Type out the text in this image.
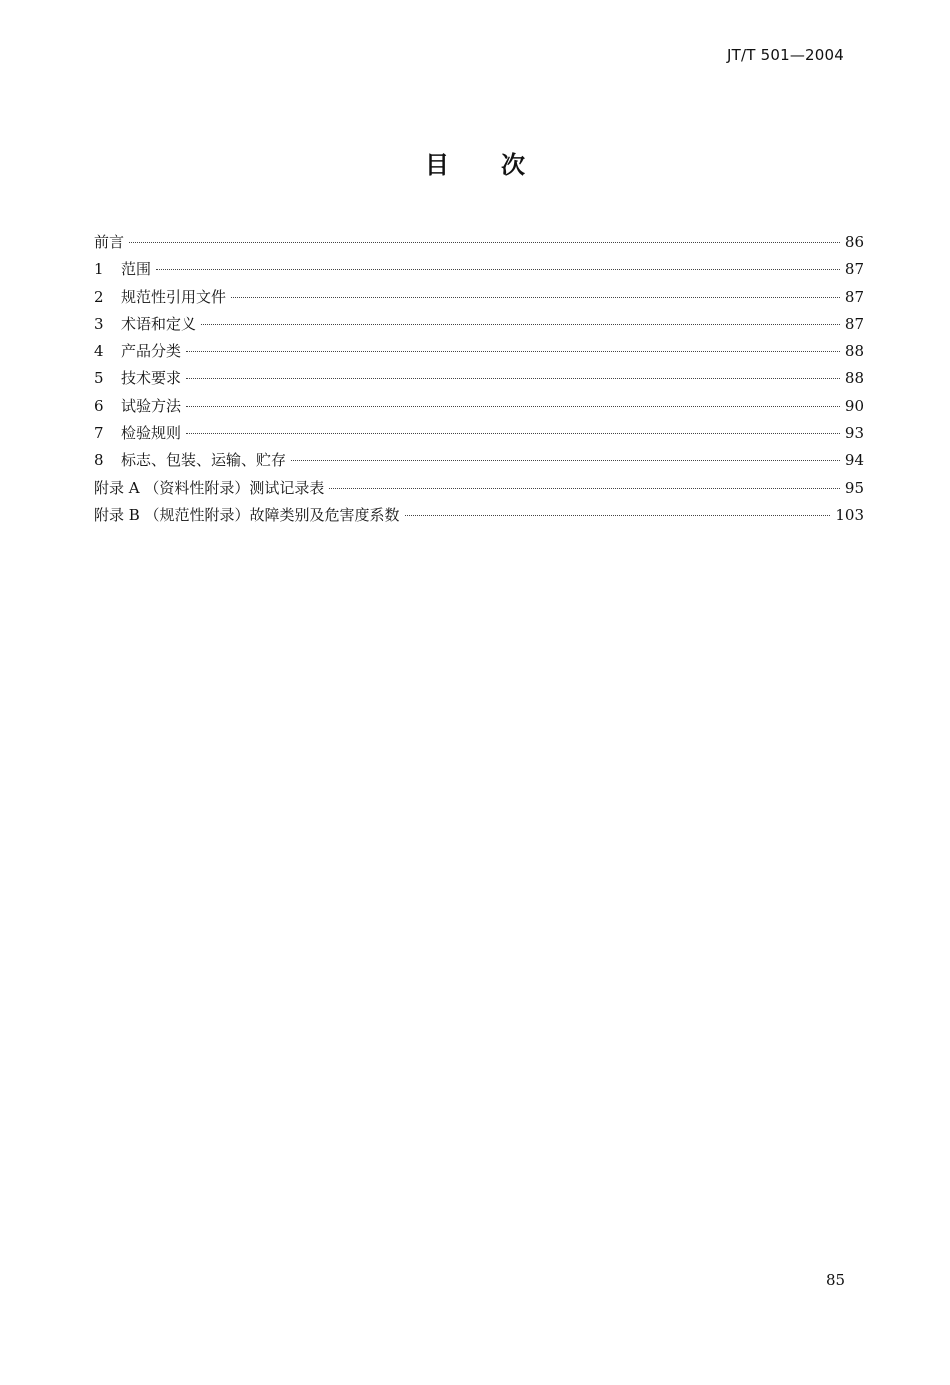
JT/T 501—2004
目 次
前言	86
1	范围	87
2	规范性引用文件	87
3	术语和定义	87
4	产品分类	88
5	技术要求	88
6	试验方法	90
7	检验规则	93
8	标志、包装、运输、贮存	94
附录 A （资料性附录）测试记录表	95
附录 B （规范性附录）故障类别及危害度系数	103
85
